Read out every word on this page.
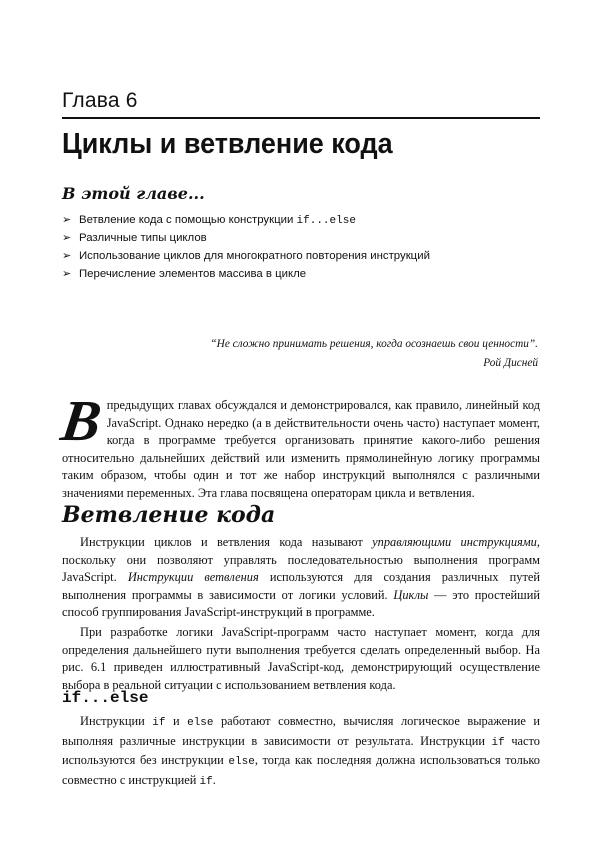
Глава 6
Циклы и ветвление кода
В этой главе...
➢ Ветвление кода с помощью конструкции if...else
➢ Различные типы циклов
➢ Использование циклов для многократного повторения инструкций
➢ Перечисление элементов массива в цикле
“Не сложно принимать решения, когда осознаешь свои ценности”.
Рой Дисней
Впредыдущих главах обсуждался и демонстрировался, как правило, линейный код JavaScript. Однако нередко (а в действительности очень часто) наступает момент, когда в программе требуется организовать принятие какого-либо решения относительно дальнейших действий или изменить прямолинейную логику программы таким образом, чтобы один и тот же набор инструкций выполнялся с различными значениями переменных. Эта глава посвящена операторам цикла и ветвления.
Ветвление кода
Инструкции циклов и ветвления кода называют управляющими инструкциями, поскольку они позволяют управлять последовательностью выполнения программ JavaScript. Инструкции ветвления используются для создания различных путей выполнения программы в зависимости от логики условий. Циклы — это простейший способ группирования JavaScript-инструкций в программе.
При разработке логики JavaScript-программ часто наступает момент, когда для определения дальнейшего пути выполнения требуется сделать определенный выбор. На рис. 6.1 приведен иллюстративный JavaScript-код, демонстрирующий осуществление выбора в реальной ситуации с использованием ветвления кода.
if...else
Инструкции if и else работают совместно, вычисляя логическое выражение и выполняя различные инструкции в зависимости от результата. Инструкции if часто используются без инструкции else, тогда как последняя должна использоваться только совместно с инструкцией if.
